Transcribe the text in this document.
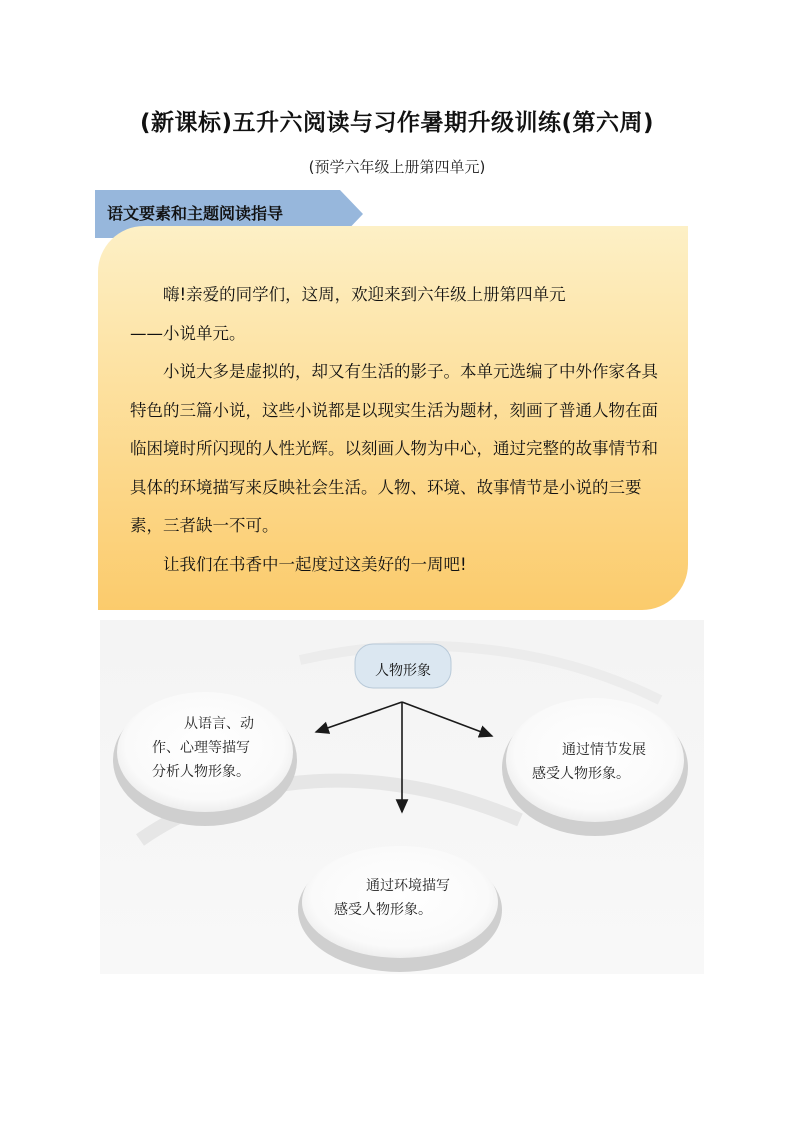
(新课标)五升六阅读与习作暑期升级训练(第六周)
(预学六年级上册第四单元)
语文要素和主题阅读指导

嗨!亲爱的同学们，这周，欢迎来到六年级上册第四单元

——小说单元。

小说大多是虚拟的，却又有生活的影子。本单元选编了中外作家各具特色的三篇小说，这些小说都是以现实生活为题材，刻画了普通人物在面临困境时所闪现的人性光辉。以刻画人物为中心，通过完整的故事情节和具体的环境描写来反映社会生活。人物、环境、故事情节是小说的三要素，三者缺一不可。

让我们在书香中一起度过这美好的一周吧!

人物形象
从语言、动
作、心理等描写
分析人物形象。
通过情节发展
感受人物形象。
通过环境描写
感受人物形象。
